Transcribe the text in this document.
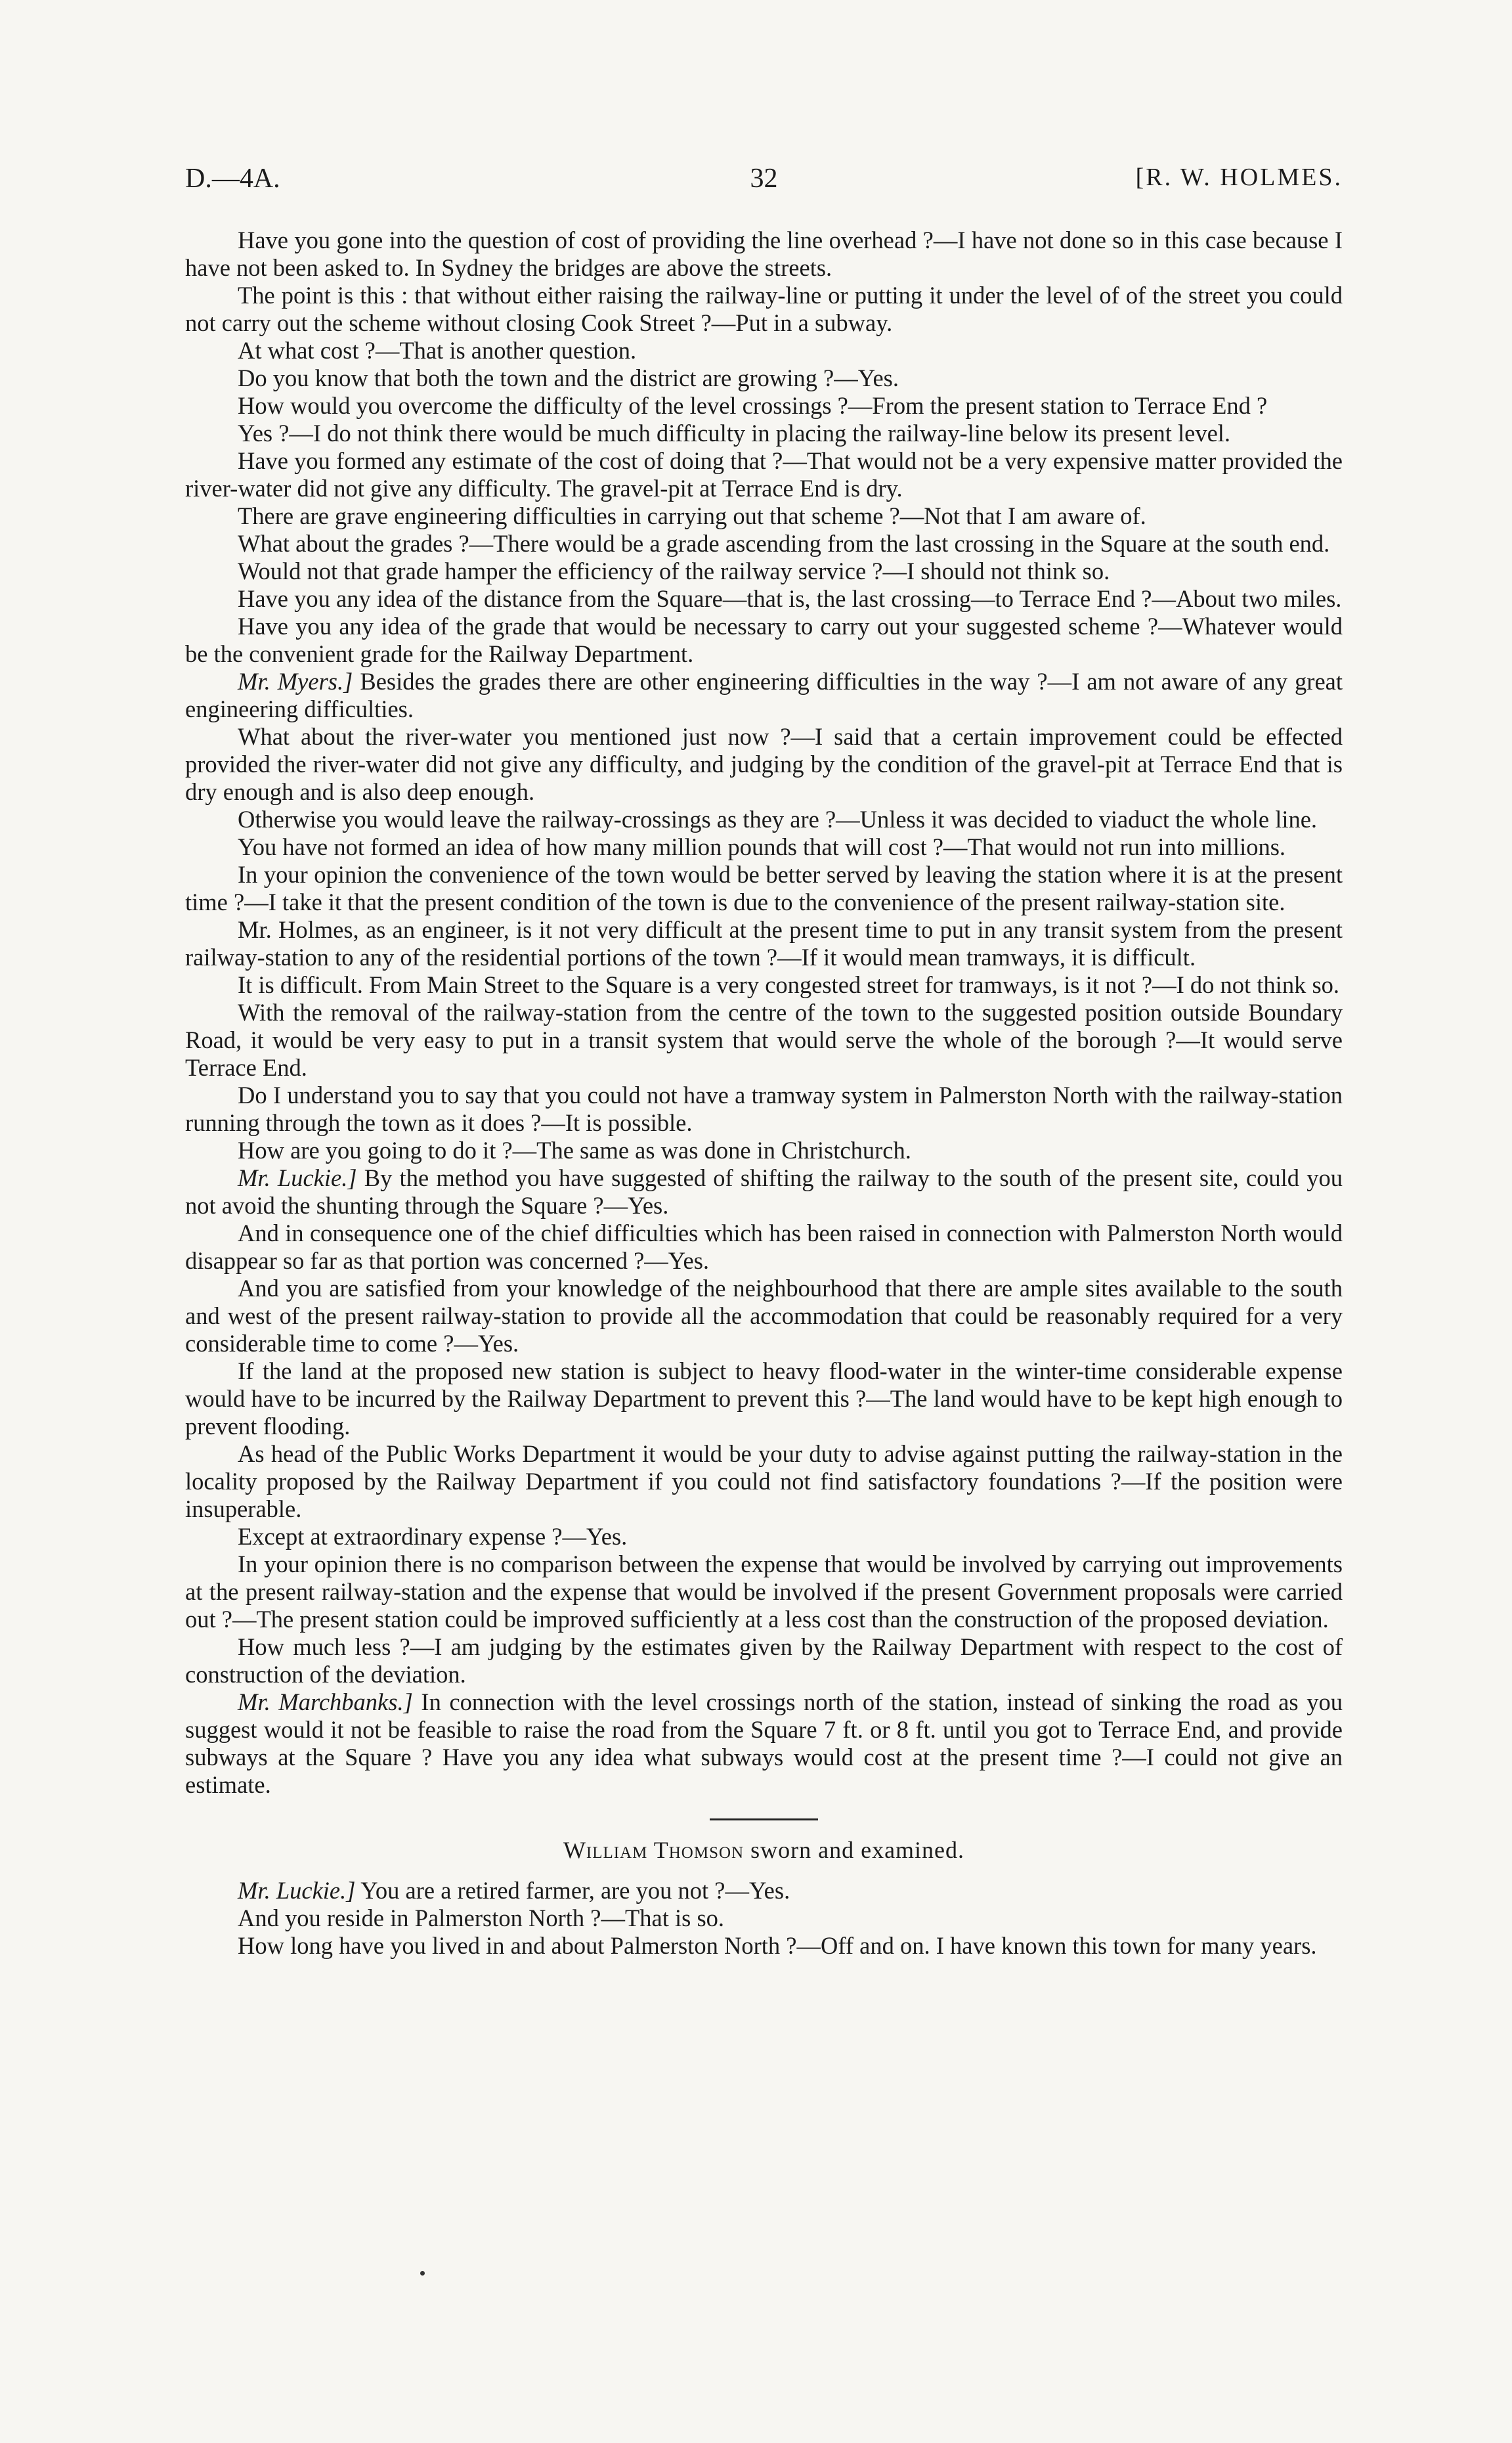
D.—4A.	32	[R. W. HOLMES.

Have you gone into the question of cost of providing the line overhead ?—I have not done so in this case because I have not been asked to. In Sydney the bridges are above the streets.

The point is this : that without either raising the railway-line or putting it under the level of of the street you could not carry out the scheme without closing Cook Street ?—Put in a subway.

At what cost ?—That is another question.

Do you know that both the town and the district are growing ?—Yes.

How would you overcome the difficulty of the level crossings ?—From the present station to Terrace End ?

Yes ?—I do not think there would be much difficulty in placing the railway-line below its present level.

Have you formed any estimate of the cost of doing that ?—That would not be a very expensive matter provided the river-water did not give any difficulty. The gravel-pit at Terrace End is dry.

There are grave engineering difficulties in carrying out that scheme ?—Not that I am aware of.

What about the grades ?—There would be a grade ascending from the last crossing in the Square at the south end.

Would not that grade hamper the efficiency of the railway service ?—I should not think so.

Have you any idea of the distance from the Square—that is, the last crossing—to Terrace End ?—About two miles.

Have you any idea of the grade that would be necessary to carry out your suggested scheme ?—Whatever would be the convenient grade for the Railway Department.

Mr. Myers.] Besides the grades there are other engineering difficulties in the way ?—I am not aware of any great engineering difficulties.

What about the river-water you mentioned just now ?—I said that a certain improvement could be effected provided the river-water did not give any difficulty, and judging by the condition of the gravel-pit at Terrace End that is dry enough and is also deep enough.

Otherwise you would leave the railway-crossings as they are ?—Unless it was decided to viaduct the whole line.

You have not formed an idea of how many million pounds that will cost ?—That would not run into millions.

In your opinion the convenience of the town would be better served by leaving the station where it is at the present time ?—I take it that the present condition of the town is due to the convenience of the present railway-station site.

Mr. Holmes, as an engineer, is it not very difficult at the present time to put in any transit system from the present railway-station to any of the residential portions of the town ?—If it would mean tramways, it is difficult.

It is difficult. From Main Street to the Square is a very congested street for tramways, is it not ?—I do not think so.

With the removal of the railway-station from the centre of the town to the suggested position outside Boundary Road, it would be very easy to put in a transit system that would serve the whole of the borough ?—It would serve Terrace End.

Do I understand you to say that you could not have a tramway system in Palmerston North with the railway-station running through the town as it does ?—It is possible.

How are you going to do it ?—The same as was done in Christchurch.

Mr. Luckie.] By the method you have suggested of shifting the railway to the south of the present site, could you not avoid the shunting through the Square ?—Yes.

And in consequence one of the chief difficulties which has been raised in connection with Palmerston North would disappear so far as that portion was concerned ?—Yes.

And you are satisfied from your knowledge of the neighbourhood that there are ample sites available to the south and west of the present railway-station to provide all the accommodation that could be reasonably required for a very considerable time to come ?—Yes.

If the land at the proposed new station is subject to heavy flood-water in the winter-time considerable expense would have to be incurred by the Railway Department to prevent this ?—The land would have to be kept high enough to prevent flooding.

As head of the Public Works Department it would be your duty to advise against putting the railway-station in the locality proposed by the Railway Department if you could not find satisfactory foundations ?—If the position were insuperable.

Except at extraordinary expense ?—Yes.

In your opinion there is no comparison between the expense that would be involved by carrying out improvements at the present railway-station and the expense that would be involved if the present Government proposals were carried out ?—The present station could be improved sufficiently at a less cost than the construction of the proposed deviation.

How much less ?—I am judging by the estimates given by the Railway Department with respect to the cost of construction of the deviation.

Mr. Marchbanks.] In connection with the level crossings north of the station, instead of sinking the road as you suggest would it not be feasible to raise the road from the Square 7 ft. or 8 ft. until you got to Terrace End, and provide subways at the Square ? Have you any idea what subways would cost at the present time ?—I could not give an estimate.

William Thomson sworn and examined.

Mr. Luckie.] You are a retired farmer, are you not ?—Yes.

And you reside in Palmerston North ?—That is so.

How long have you lived in and about Palmerston North ?—Off and on. I have known this town for many years.
